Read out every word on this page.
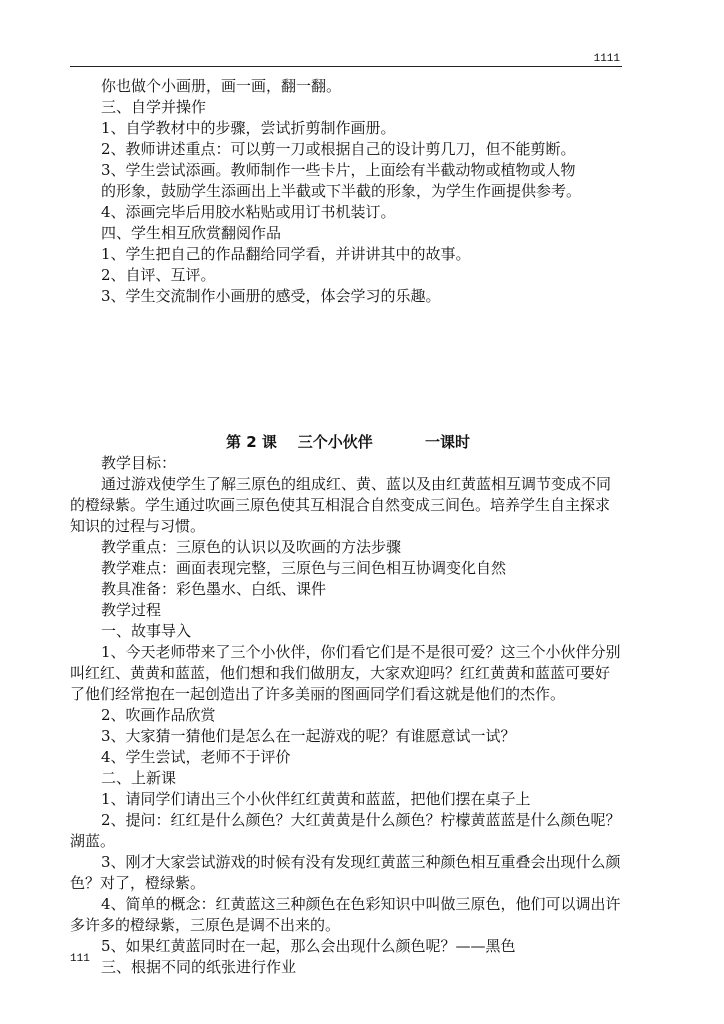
1111

你也做个小画册，画一画，翻一翻。

三、自学并操作

1、自学教材中的步骤，尝试折剪制作画册。

2、教师讲述重点：可以剪一刀或根据自己的设计剪几刀，但不能剪断。

3、学生尝试添画。教师制作一些卡片，上面绘有半截动物或植物或人物

的形象，鼓励学生添画出上半截或下半截的形象，为学生作画提供参考。

4、添画完毕后用胶水粘贴或用订书机装订。

四、学生相互欣赏翻阅作品

1、学生把自己的作品翻给同学看，并讲讲其中的故事。

2、自评、互评。

3、学生交流制作小画册的感受，体会学习的乐趣。

第 2 课    三个小伙伴          一课时

教学目标：

通过游戏使学生了解三原色的组成红、黄、蓝以及由红黄蓝相互调节变成不同的橙绿紫。学生通过吹画三原色使其互相混合自然变成三间色。培养学生自主探求知识的过程与习惯。

教学重点：三原色的认识以及吹画的方法步骤

教学难点：画面表现完整，三原色与三间色相互协调变化自然

教具准备：彩色墨水、白纸、课件

教学过程

一、故事导入

1、今天老师带来了三个小伙伴，你们看它们是不是很可爱？这三个小伙伴分别叫红红、黄黄和蓝蓝，他们想和我们做朋友，大家欢迎吗？红红黄黄和蓝蓝可要好了他们经常抱在一起创造出了许多美丽的图画同学们看这就是他们的杰作。

2、吹画作品欣赏

3、大家猜一猜他们是怎么在一起游戏的呢？有谁愿意试一试？

4、学生尝试，老师不于评价

二、上新课

1、请同学们请出三个小伙伴红红黄黄和蓝蓝，把他们摆在桌子上

2、提问：红红是什么颜色？大红黄黄是什么颜色？柠檬黄蓝蓝是什么颜色呢？湖蓝。

3、刚才大家尝试游戏的时候有没有发现红黄蓝三种颜色相互重叠会出现什么颜色？对了，橙绿紫。

4、简单的概念：红黄蓝这三种颜色在色彩知识中叫做三原色，他们可以调出许多许多的橙绿紫，三原色是调不出来的。

5、如果红黄蓝同时在一起，那么会出现什么颜色呢？——黑色

三、根据不同的纸张进行作业

111
